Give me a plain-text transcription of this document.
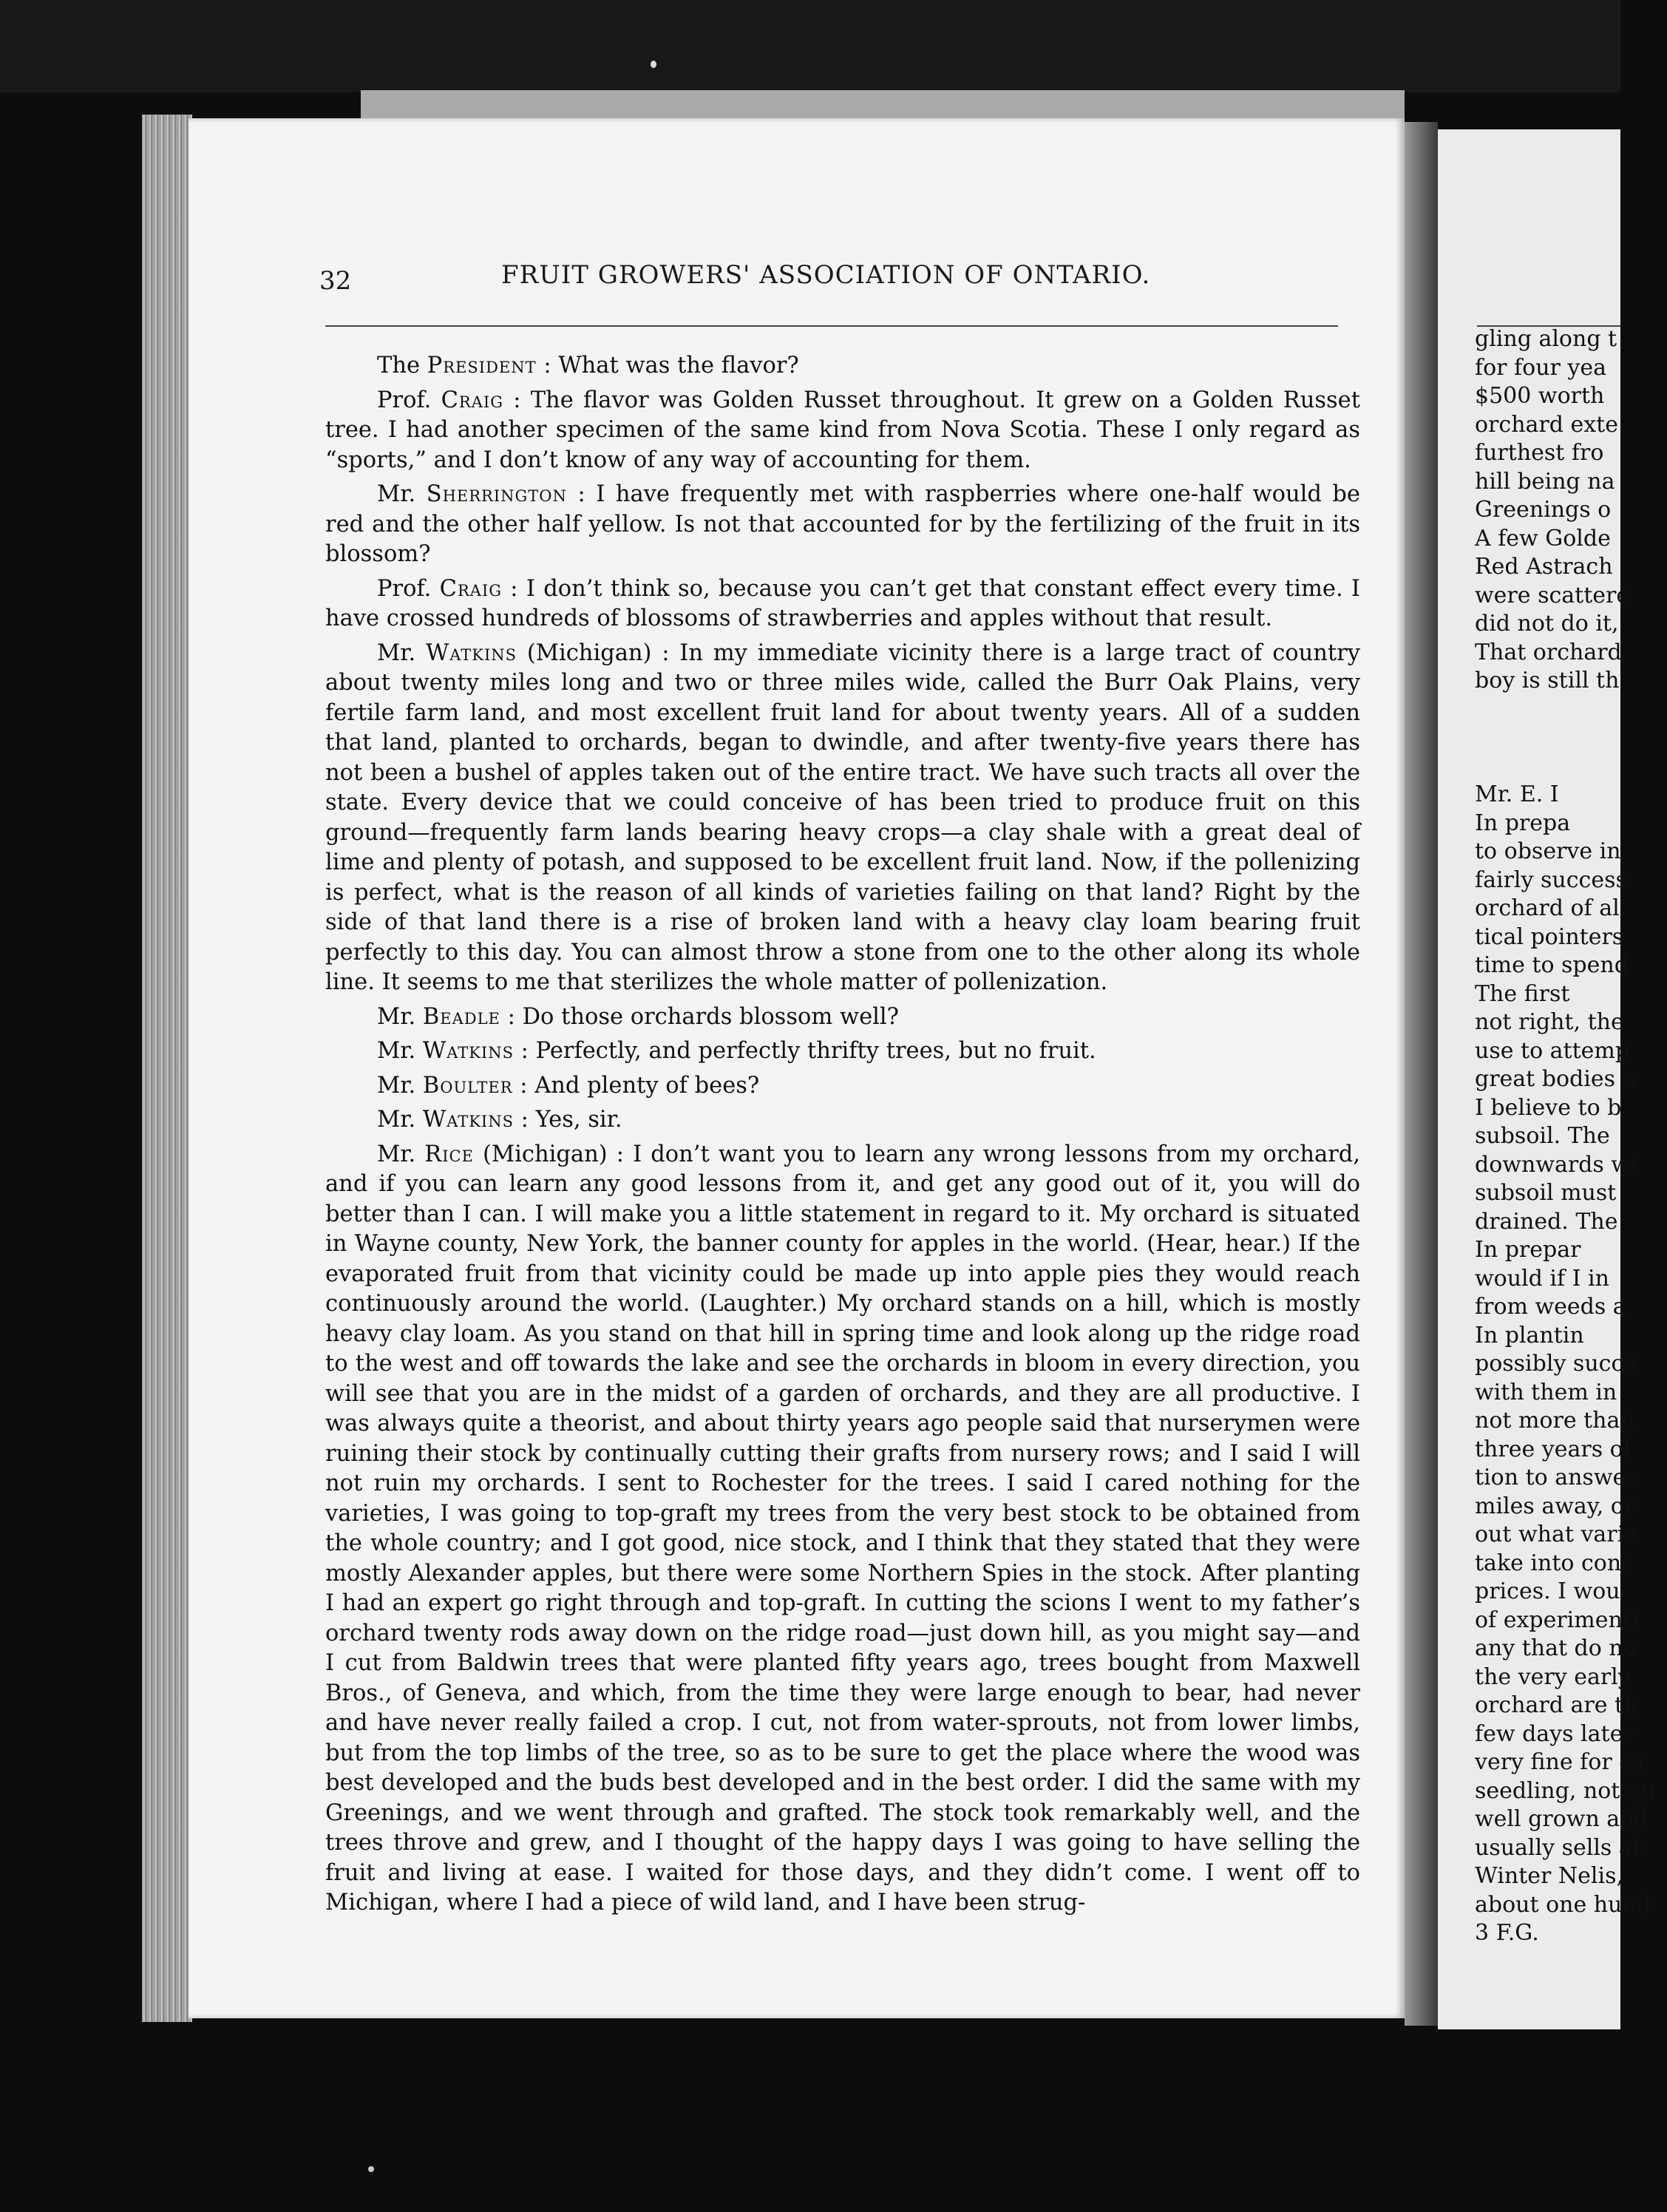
32	FRUIT GROWERS' ASSOCIATION OF ONTARIO.

The President : What was the flavor?

Prof. Craig : The flavor was Golden Russet throughout. It grew on a Golden Russet tree. I had another specimen of the same kind from Nova Scotia. These I only regard as “sports,” and I don’t know of any way of accounting for them.

Mr. Sherrington : I have frequently met with raspberries where one-half would be red and the other half yellow. Is not that accounted for by the fertilizing of the fruit in its blossom?

Prof. Craig : I don’t think so, because you can’t get that constant effect every time. I have crossed hundreds of blossoms of strawberries and apples without that result.

Mr. Watkins (Michigan) : In my immediate vicinity there is a large tract of country about twenty miles long and two or three miles wide, called the Burr Oak Plains, very fertile farm land, and most excellent fruit land for about twenty years. All of a sudden that land, planted to orchards, began to dwindle, and after twenty-five years there has not been a bushel of apples taken out of the entire tract. We have such tracts all over the state. Every device that we could conceive of has been tried to produce fruit on this ground—frequently farm lands bearing heavy crops—a clay shale with a great deal of lime and plenty of potash, and supposed to be excellent fruit land. Now, if the pollenizing is perfect, what is the reason of all kinds of varieties failing on that land? Right by the side of that land there is a rise of broken land with a heavy clay loam bearing fruit perfectly to this day. You can almost throw a stone from one to the other along its whole line. It seems to me that sterilizes the whole matter of pollenization.

Mr. Beadle : Do those orchards blossom well?

Mr. Watkins : Perfectly, and perfectly thrifty trees, but no fruit.

Mr. Boulter : And plenty of bees?

Mr. Watkins : Yes, sir.

Mr. Rice (Michigan) : I don’t want you to learn any wrong lessons from my orchard, and if you can learn any good lessons from it, and get any good out of it, you will do better than I can. I will make you a little statement in regard to it. My orchard is situated in Wayne county, New York, the banner county for apples in the world. (Hear, hear.) If the evaporated fruit from that vicinity could be made up into apple pies they would reach continuously around the world. (Laughter.) My orchard stands on a hill, which is mostly heavy clay loam. As you stand on that hill in spring time and look along up the ridge road to the west and off towards the lake and see the orchards in bloom in every direction, you will see that you are in the midst of a garden of orchards, and they are all productive. I was always quite a theorist, and about thirty years ago people said that nurserymen were ruining their stock by continually cutting their grafts from nursery rows; and I said I will not ruin my orchards. I sent to Rochester for the trees. I said I cared nothing for the varieties, I was going to top-graft my trees from the very best stock to be obtained from the whole country; and I got good, nice stock, and I think that they stated that they were mostly Alexander apples, but there were some Northern Spies in the stock. After planting I had an expert go right through and top-graft. In cutting the scions I went to my father’s orchard twenty rods away down on the ridge road—just down hill, as you might say—and I cut from Baldwin trees that were planted fifty years ago, trees bought from Maxwell Bros., of Geneva, and which, from the time they were large enough to bear, had never and have never really failed a crop. I cut, not from water-sprouts, not from lower limbs, but from the top limbs of the tree, so as to be sure to get the place where the wood was best developed and the buds best developed and in the best order. I did the same with my Greenings, and we went through and grafted. The stock took remarkably well, and the trees throve and grew, and I thought of the happy days I was going to have selling the fruit and living at ease. I waited for those days, and they didn’t come. I went off to Michigan, where I had a piece of wild land, and I have been strug-

gling along t
for four yea
$500 worth
orchard exte
furthest fro
hill being na
Greenings o
A few Golde
Red Astrach
were scattere
did not do it,
That orchard
boy is still th

Mr. E. I
In prepa
to observe in
fairly success
orchard of al
tical pointers
time to spend
The first
not right, the
use to attemp
great bodies o
I believe to b
subsoil. The
downwards wi
subsoil must
drained. The
In prepar
would if I in
from weeds a
In plantin
possibly succe
with them in
not more than
three years ol
tion to answer
miles away, or
out what varie
take into cons
prices. I wou
of experimenti
any that do no
the very early
orchard are th
few days later
very fine for ca
seedling, not qu
well grown and
usually sells at
Winter Nelis,
about one hund
3 F.G.
